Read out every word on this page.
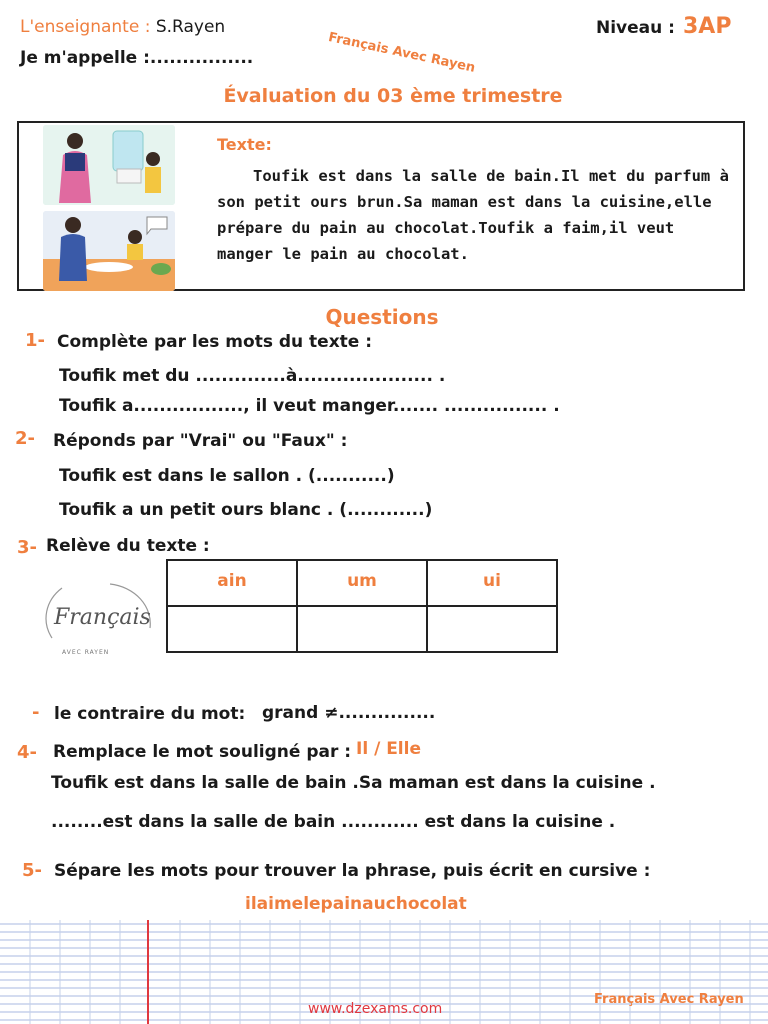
L'enseignante : S.Rayen
Je m'appelle :................	Français Avec Rayen
Niveau : 3AP
Évaluation du 03 ème trimestre
Texte:
Toufik est dans la salle de bain.Il met du parfum à son petit ours brun.Sa maman est dans la cuisine,elle prépare du pain au chocolat.Toufik a faim,il veut manger le pain au chocolat.
Questions
1- Complète par les mots du texte :
Toufik met du ..............à..................... .
Toufik a................., il veut manger....... ................ .
2- Réponds par "Vrai" ou "Faux" :
Toufik est dans le sallon . (...........)
Toufik a un petit ours blanc . (............)
3- Relève du texte :
Français
AVEC RAYEN
ain	um	ui

- le contraire du mot: grand ≠...............
4- Remplace le mot souligné par : Il / Elle
Toufik est dans la salle de bain .Sa maman est dans la cuisine .
........est dans la salle de bain ............ est dans la cuisine .
5- Sépare les mots pour trouver la phrase, puis écrit en cursive :
ilaimelepainauchocolat
Français Avec Rayen
www.dzexams.com
